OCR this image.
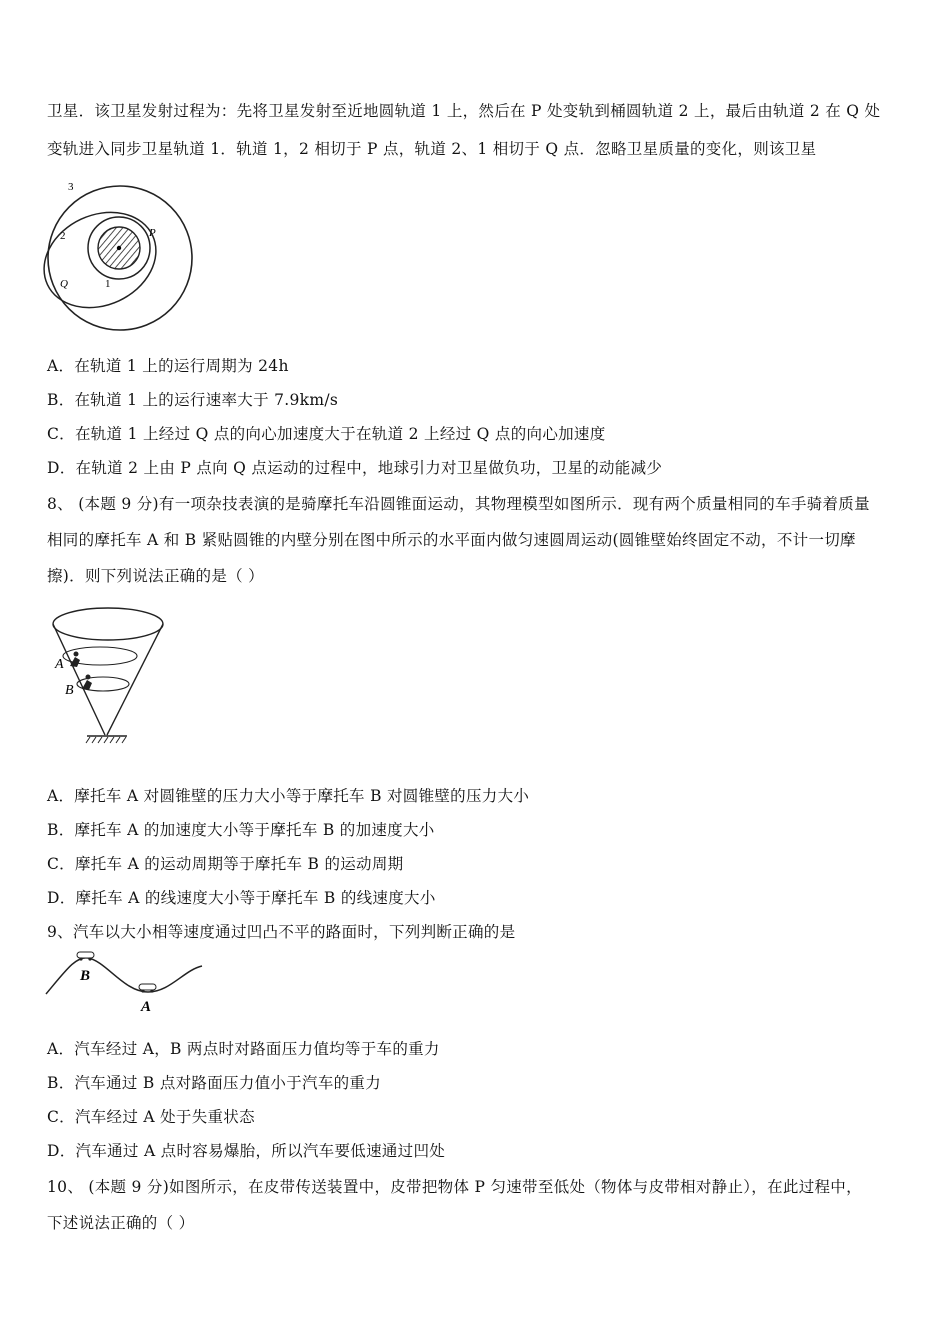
卫星．该卫星发射过程为：先将卫星发射至近地圆轨道 1 上，然后在 P 处变轨到桶圆轨道 2 上，最后由轨道 2 在 Q 处
变轨进入同步卫星轨道 1．轨道 1，2 相切于 P 点，轨道 2、1 相切于 Q 点．忽略卫星质量的变化，则该卫星
3
2	P
Q	1
A．在轨道 1 上的运行周期为 24h
B．在轨道 1 上的运行速率大于 7.9km/s
C．在轨道 1 上经过 Q 点的向心加速度大于在轨道 2 上经过 Q 点的向心加速度
D．在轨道 2 上由 P 点向 Q 点运动的过程中，地球引力对卫星做负功，卫星的动能减少
8、 (本题 9 分)有一项杂技表演的是骑摩托车沿圆锥面运动，其物理模型如图所示．现有两个质量相同的车手骑着质量
相同的摩托车 A 和 B 紧贴圆锥的内壁分别在图中所示的水平面内做匀速圆周运动(圆锥壁始终固定不动，不计一切摩
擦)．则下列说法正确的是（ ）
A
B
A．摩托车 A 对圆锥壁的压力大小等于摩托车 B 对圆锥壁的压力大小
B．摩托车 A 的加速度大小等于摩托车 B 的加速度大小
C．摩托车 A 的运动周期等于摩托车 B 的运动周期
D．摩托车 A 的线速度大小等于摩托车 B 的线速度大小
9、汽车以大小相等速度通过凹凸不平的路面时，下列判断正确的是
B
A
A．汽车经过 A，B 两点时对路面压力值均等于车的重力
B．汽车通过 B 点对路面压力值小于汽车的重力
C．汽车经过 A 处于失重状态
D．汽车通过 A 点时容易爆胎，所以汽车要低速通过凹处
10、 (本题 9 分)如图所示，在皮带传送装置中，皮带把物体 P 匀速带至低处（物体与皮带相对静止），在此过程中，
下述说法正确的（ ）
